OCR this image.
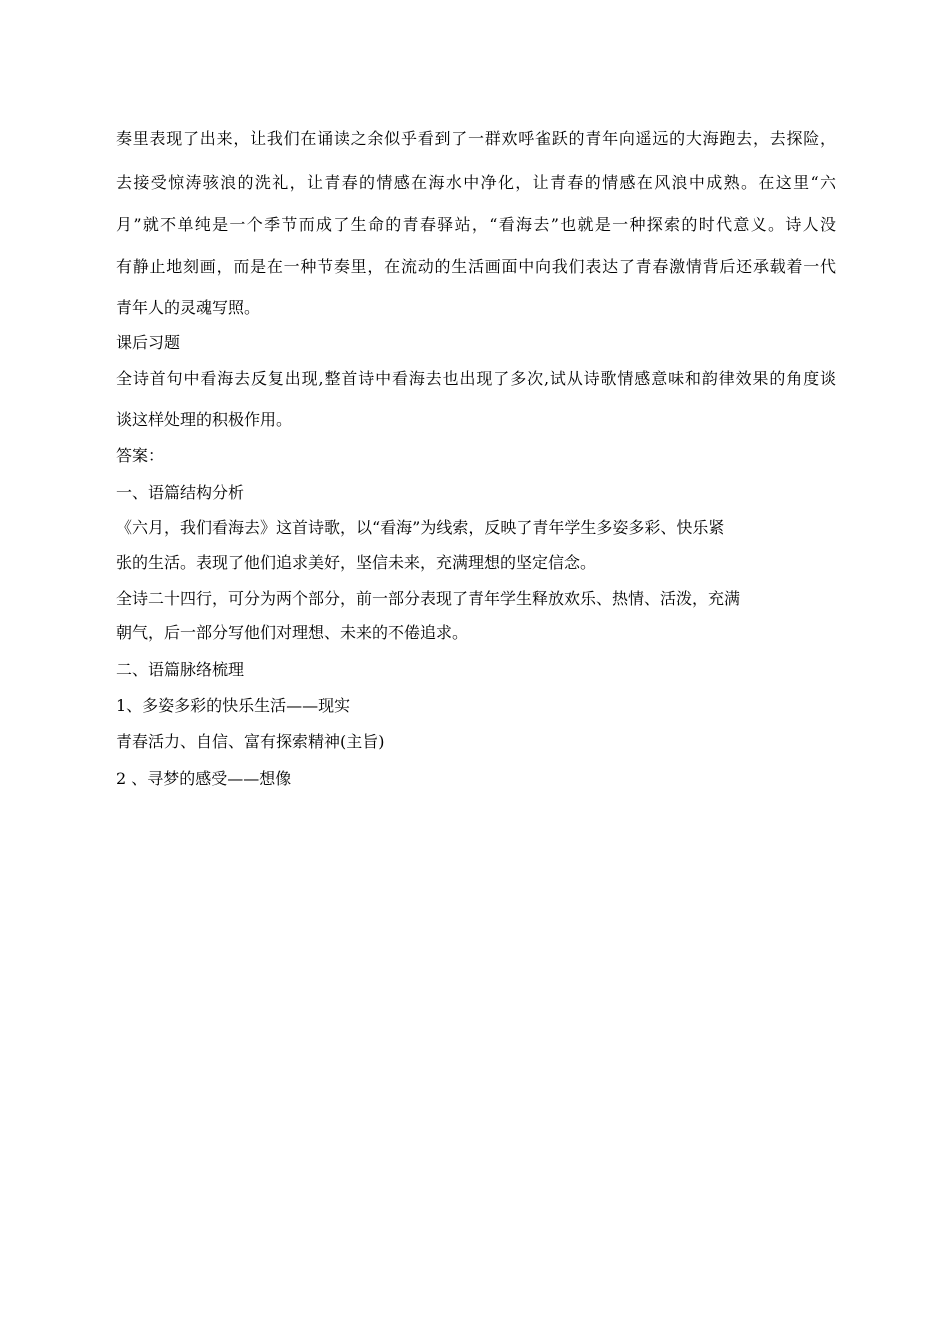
奏里表现了出来，让我们在诵读之余似乎看到了一群欢呼雀跃的青年向遥远的大海跑去，去探险，
去接受惊涛骇浪的洗礼，让青春的情感在海水中净化，让青春的情感在风浪中成熟。在这里“六
月”就不单纯是一个季节而成了生命的青春驿站，“看海去”也就是一种探索的时代意义。诗人没
有静止地刻画，而是在一种节奏里，在流动的生活画面中向我们表达了青春激情背后还承载着一代
青年人的灵魂写照。
课后习题
全诗首句中看海去反复出现,整首诗中看海去也出现了多次,试从诗歌情感意味和韵律效果的角度谈
谈这样处理的积极作用。
答案：
一、语篇结构分析
《六月，我们看海去》这首诗歌，以“看海”为线索，反映了青年学生多姿多彩、快乐紧
张的生活。表现了他们追求美好，坚信未来，充满理想的坚定信念。
全诗二十四行，可分为两个部分，前一部分表现了青年学生释放欢乐、热情、活泼，充满
朝气，后一部分写他们对理想、未来的不倦追求。
二、语篇脉络梳理
1、多姿多彩的快乐生活——现实
青春活力、自信、富有探索精神(主旨)
2 、寻梦的感受——想像
